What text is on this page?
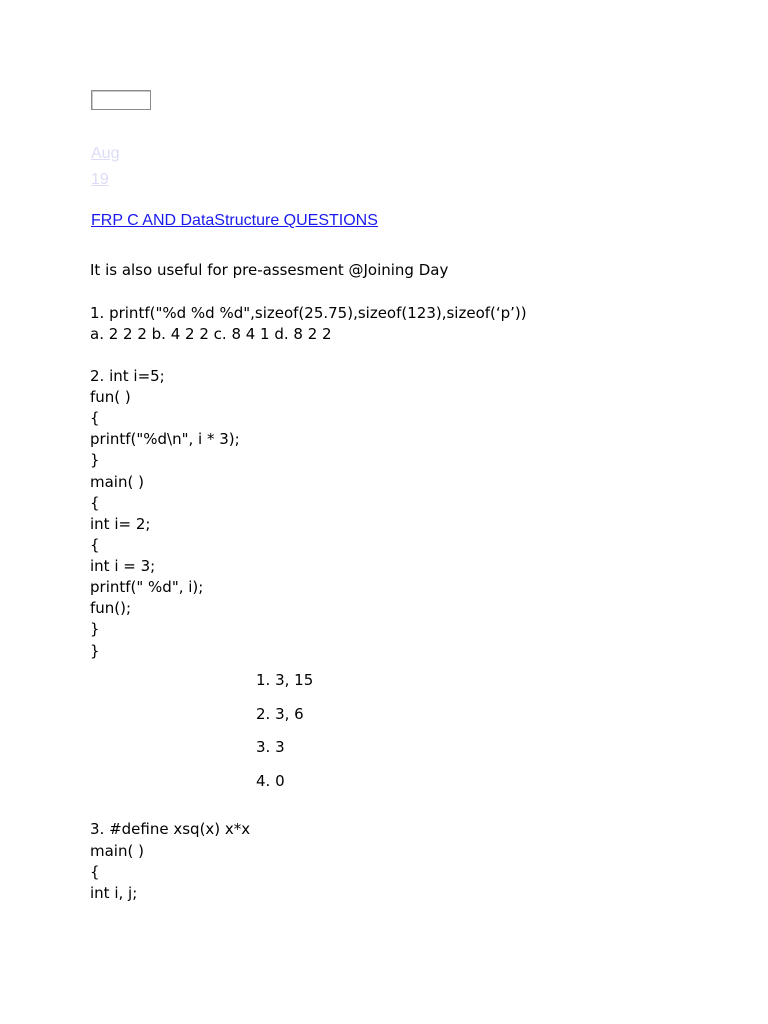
Aug
19
FRP C AND DataStructure QUESTIONS
It is also useful for pre-assesment @Joining Day
1. printf("%d %d %d",sizeof(25.75),sizeof(123),sizeof(‘p’))
a. 2 2 2 b. 4 2 2 c. 8 4 1 d. 8 2 2
2. int i=5;
fun( )
{
printf("%d\n", i * 3);
}
main( )
{
int i= 2;
{
int i = 3;
printf(" %d", i);
fun();
}
}
1. 3, 15
2. 3, 6
3. 3
4. 0
3. #define xsq(x) x*x
main( )
{
int i, j;
